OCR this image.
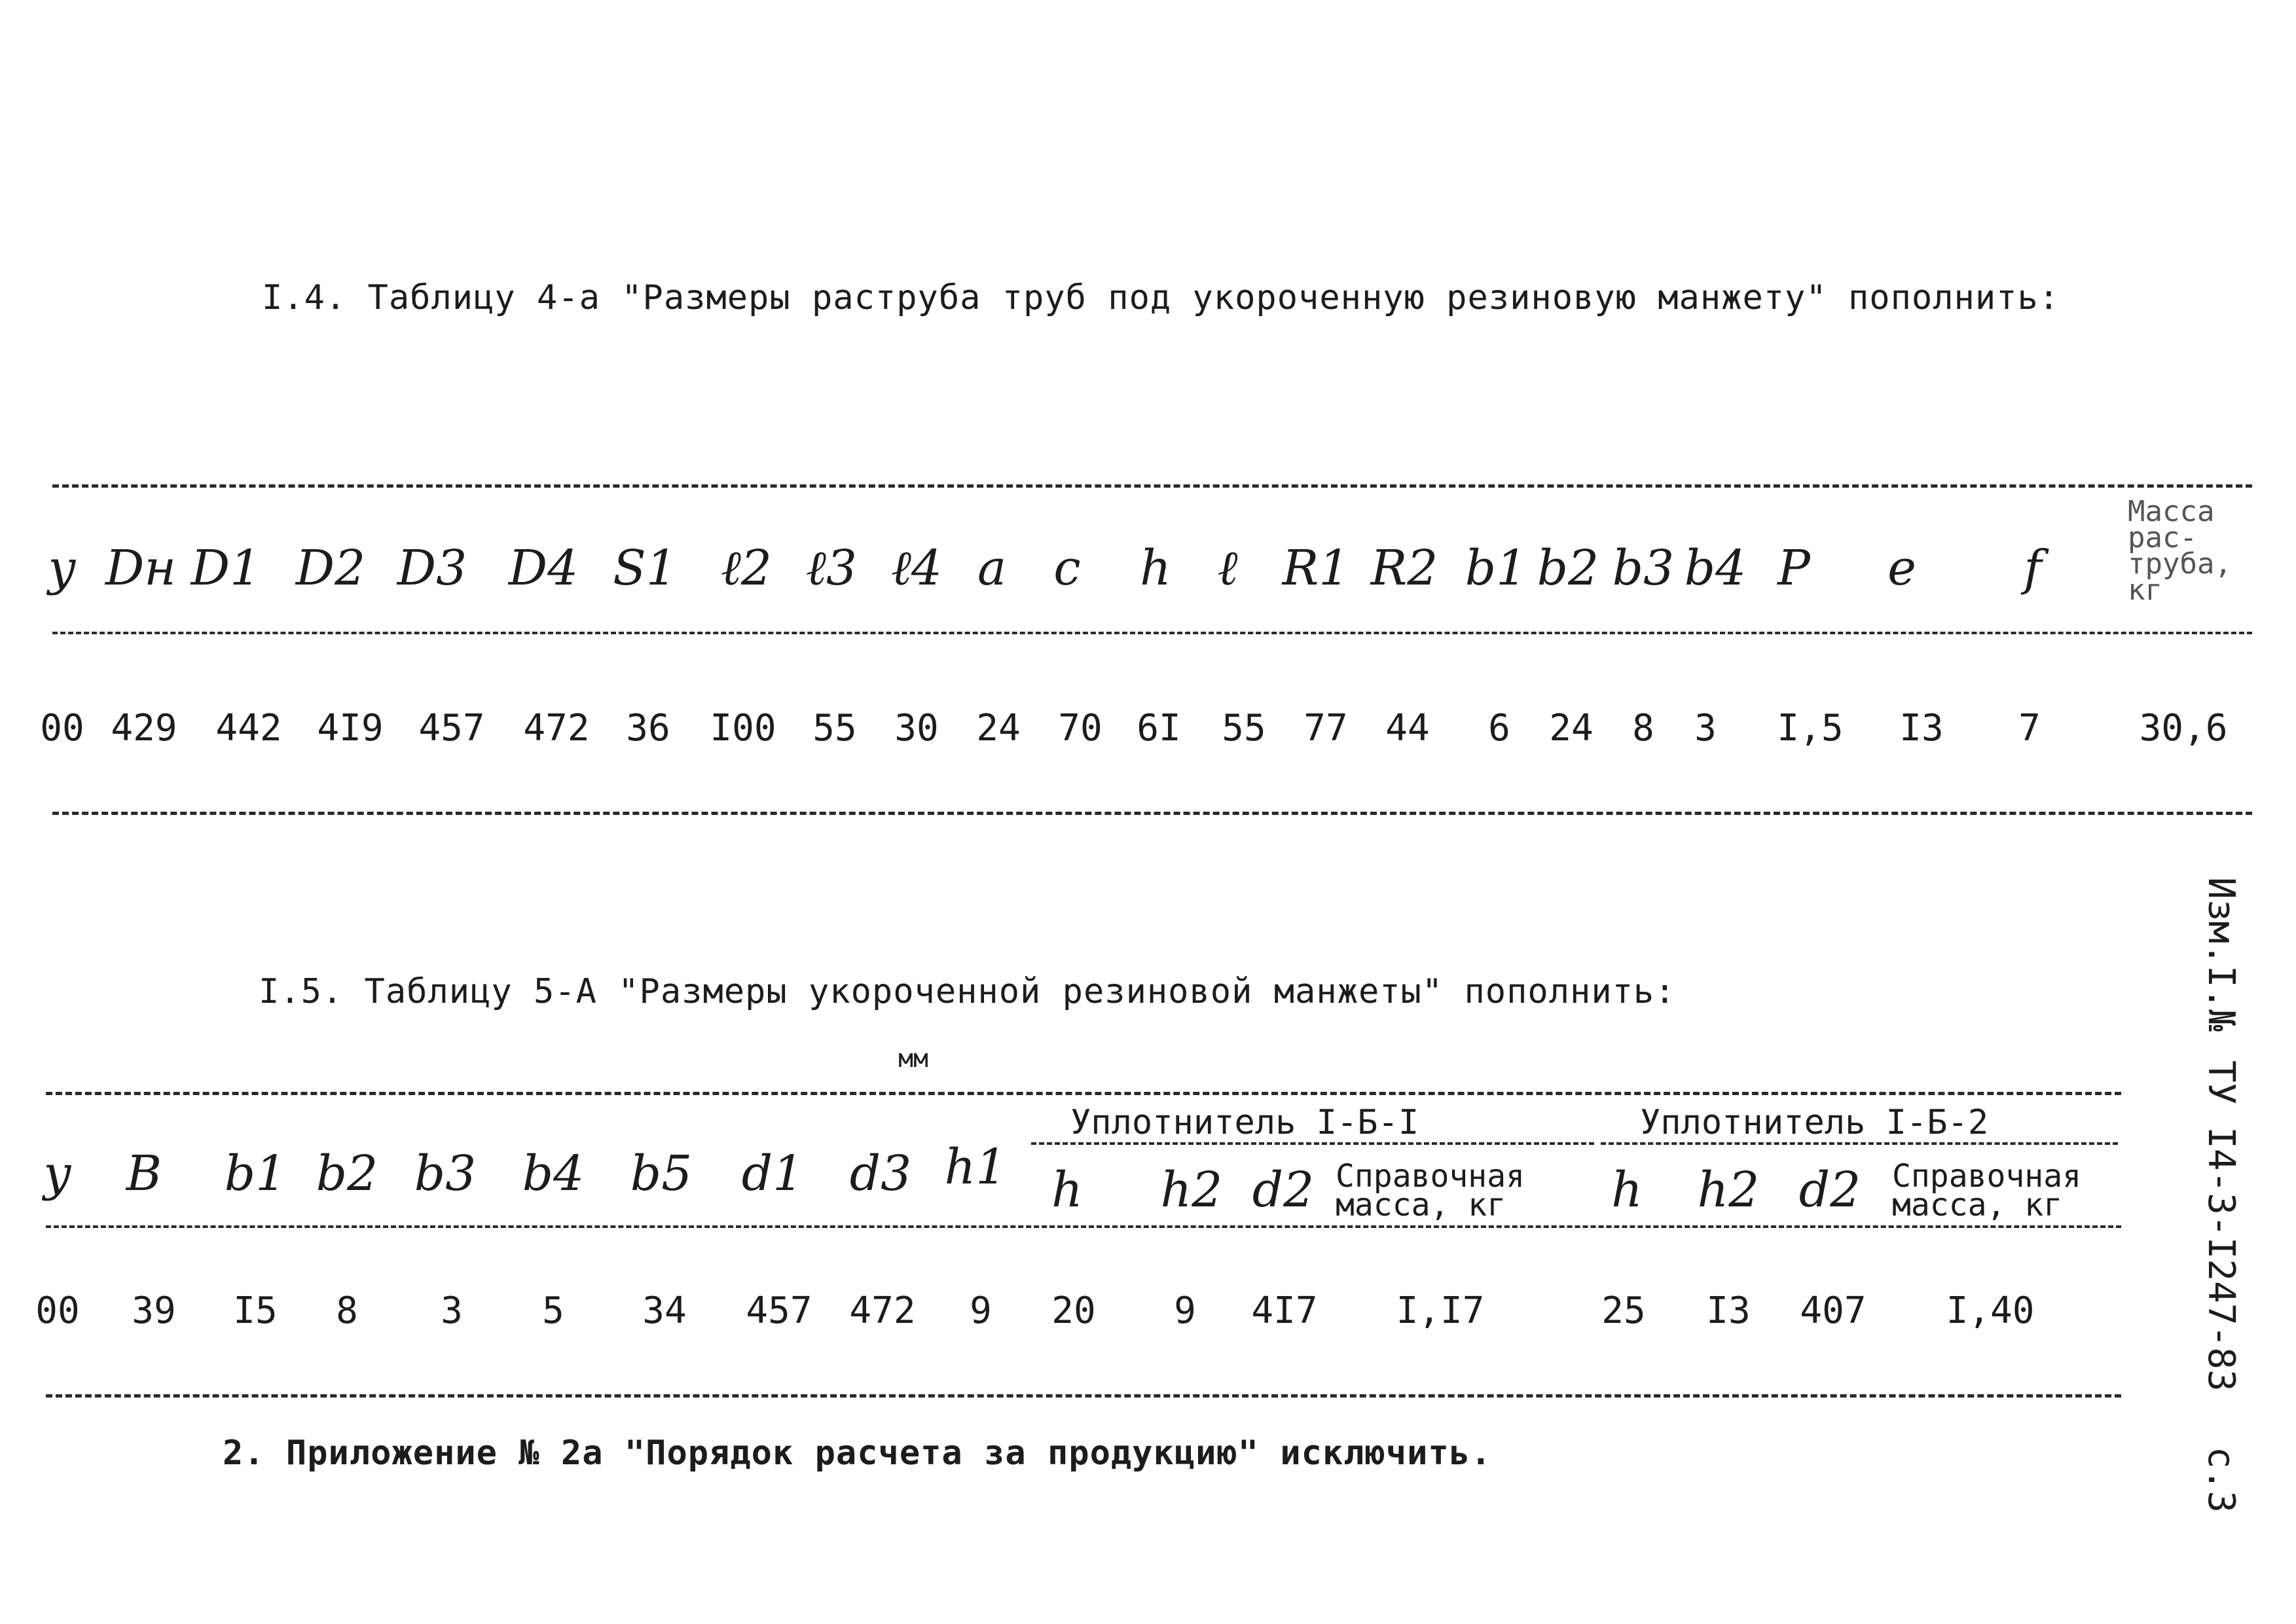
I.4. Таблицу 4-а "Размеры раструба труб под укороченную резиновую манжету" пополнить:
у Dн D1 D2 D3 D4 S1 ℓ2 ℓ3 ℓ4 a c h ℓ R1 R2 b1 b2 b3 b4 P e f
Масса
рас-
труба,
кг
00 429 442 4I9 457 472 36 I00 55 30 24 70 6I 55 77 44 6 24 8 3 I,5 I3 7	30,6
I.5. Таблицу 5-А "Размеры укороченной резиновой манжеты" пополнить:
мм
Уплотнитель I-Б-I	Уплотнитель I-Б-2
у B b1 b2 b3 b4 b5 d1 d3 h1 h h2 d2 Справочная
масса, кг	h h2 d2 Справочная
масса, кг
00 39 I5 8 3 5 34 457 472 9 20 9 4I7 I,I7	25 I3 407 I,40
2. Приложение № 2а "Порядок расчета за продукцию" исключить.
Изм.I.№
ТУ I4-3-I247-83
с.3
